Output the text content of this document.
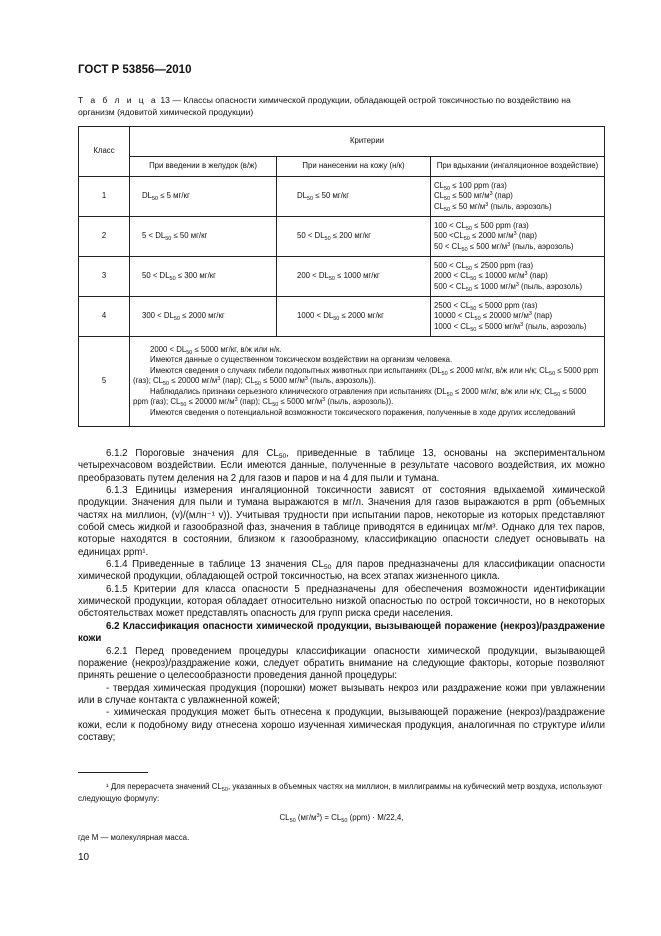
ГОСТ Р 53856—2010
Т а б л и ц а 13 — Классы опасности химической продукции, обладающей острой токсичностью по воздействию на организм (ядовитой химической продукции)
Класс	Критерии		
	При введении в желудок (в/ж)	При нанесении на кожу (н/к)	При вдыхании (ингаляционное воздействие)
1	$DL_{50} \le 5$ мг/кг	$DL_{50} \le 50$ мг/кг	$CL_{50} \le 100$ ppm (газ)
$CL_{50} \le 500$ $мг/м^3$ (пар)
$CL_{50} \le 50$ $мг/м^3$ (пыль, аэрозоль)

2	$5 < DL_{50} \le 50$ мг/кг	$50 < DL_{50} \le 200$ мг/кг	$100 < CL_{50} \le 500$ ppm (газ)
$500 <CL_{50} \le 2000$ $мг/м^3$ (пар)
$50 < CL_{50} \le 500$ $мг/м^3$ (пыль, аэрозоль)

3	$50 < DL_{50} \le 300$ мг/кг	$200 < DL_{50} \le 1000$ мг/кг	$500 < CL_{50} \le 2500$ ppm (газ)
$2000 < CL_{50} \le 10000$ $мг/м^3$ (пар)
$500 < CL_{50} \le 1000$ $мг/м^3$ (пыль, аэрозоль)

4	$300 < DL_{50} \le 2000$ мг/кг	$1000 < DL_{50} \le 2000$ мг/кг	$2500 < CL_{50} \le 5000$ ppm (газ)
$10000 < CL_{50} \le 20000$ $мг/м^3$ (пар)
$1000 < CL_{50} \le 5000$ $мг/м^3$ (пыль, аэрозоль)

5	$2000 < DL_{50} \le 5000$ мг/кг, в/ж или н/к.
Имеются данные о существенном токсическом воздействии на организм человека.
Имеются сведения о случаях гибели подопытных животных при испытаниях ($DL_{50} \le 2000$ мг/кг, в/ж или н/к; $CL_{50} \le 5000$ ppm (газ); $CL_{50} \le 20000$ $мг/м^3$ (пар); $CL_{50} \le 5000$ $мг/м^3$ (пыль, аэрозоль)).
Наблюдались признаки серьезного клинического отравления при испытаниях ($DL_{50} \le 2000$ мг/кг, в/ж или н/к; $CL_{50} \le 5000$ ppm (газ); $CL_{50} \le 20000$ $мг/м^3$ (пар); $CL_{50} \le 5000$ $мг/м^3$ (пыль, аэрозоль)).
Имеются сведения о потенциальной возможности токсического поражения, полученные в ходе других исследований		

6.1.2 Пороговые значения для $CL_{50}$, приведенные в таблице 13, основаны на экспериментальном четырехчасовом воздействии. Если имеются данные, полученные в результате часового воздействия, их можно преобразовать путем деления на 2 для газов и паров и на 4 для пыли и тумана.

6.1.3 Единицы измерения ингаляционной токсичности зависят от состояния вдыхаемой химической продукции. Значения для пыли и тумана выражаются в мг/л. Значения для газов выражаются в ppm (объемных частях на миллион, (v)/(млн⁻¹ v)). Учитывая трудности при испытании паров, некоторые из которых представляют собой смесь жидкой и газообразной фаз, значения в таблице приводятся в единицах мг/м³. Однако для тех паров, которые находятся в состоянии, близком к газообразному, классификацию опасности следует основывать на единицах ppm¹.

6.1.4 Приведенные в таблице 13 значения $CL_{50}$ для паров предназначены для классификации опасности химической продукции, обладающей острой токсичностью, на всех этапах жизненного цикла.

6.1.5 Критерии для класса опасности 5 предназначены для обеспечения возможности идентификации химической продукции, которая обладает относительно низкой опасностью по острой токсичности, но в некоторых обстоятельствах может представлять опасность для групп риска среди населения.

6.2 Классификация опасности химической продукции, вызывающей поражение (некроз)/раздражение кожи

6.2.1 Перед проведением процедуры классификации опасности химической продукции, вызывающей поражение (некроз)/раздражение кожи, следует обратить внимание на следующие факторы, которые позволяют принять решение о целесообразности проведения данной процедуры:

- твердая химическая продукция (порошки) может вызывать некроз или раздражение кожи при увлажнении или в случае контакта с увлажненной кожей;

- химическая продукция может быть отнесена к продукции, вызывающей поражение (некроз)/раздражение кожи, если к подобному виду отнесена хорошо изученная химическая продукция, аналогичная по структуре и/или составу;

¹ Для перерасчета значений $CL_{50}$, указанных в объемных частях на миллион, в миллиграммы на кубический метр воздуха, используют следующую формулу:

$CL_{50}$ $(мг/м^3) = CL_{50}$ (ppm) · M/22,4,

где М — молекулярная масса.

10
